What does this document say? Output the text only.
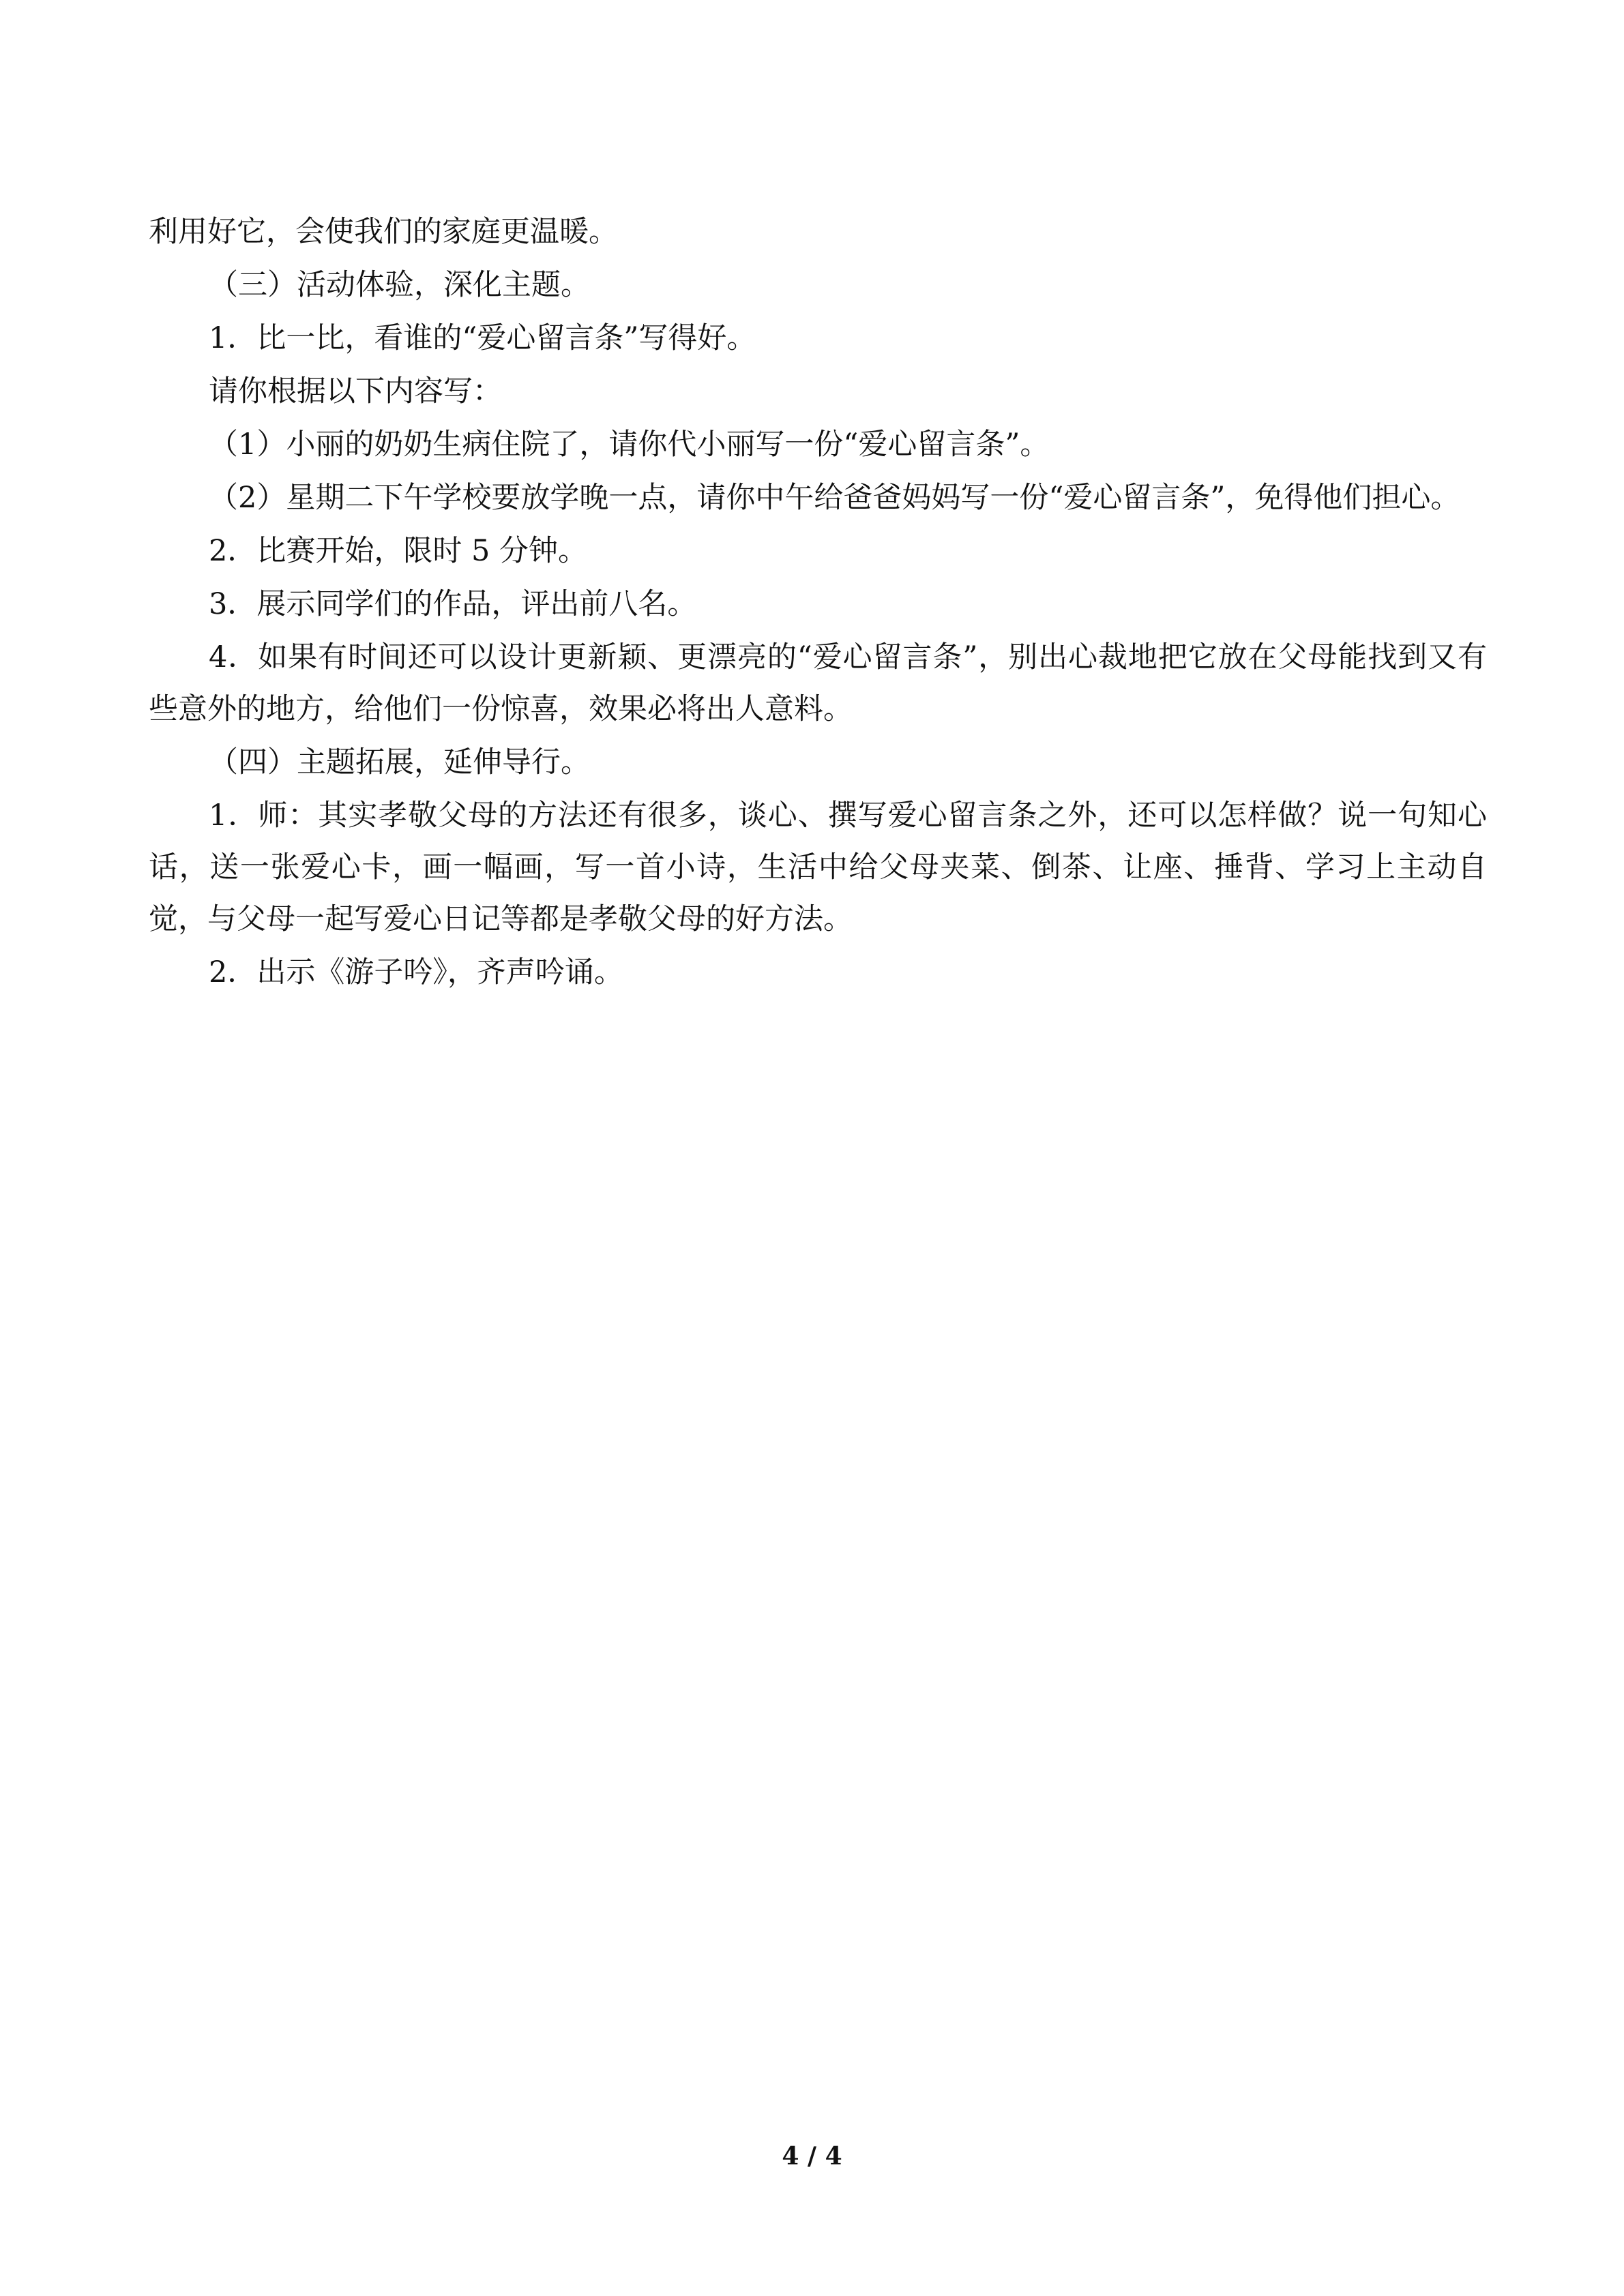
利用好它，会使我们的家庭更温暖。

（三）活动体验，深化主题。

1．比一比，看谁的“爱心留言条”写得好。

请你根据以下内容写：

（1）小丽的奶奶生病住院了，请你代小丽写一份“爱心留言条”。

（2）星期二下午学校要放学晚一点，请你中午给爸爸妈妈写一份“爱心留言条”，免得他们担心。

2．比赛开始，限时 5 分钟。

3．展示同学们的作品，评出前八名。

4．如果有时间还可以设计更新颖、更漂亮的“爱心留言条”，别出心裁地把它放在父母能找到又有些意外的地方，给他们一份惊喜，效果必将出人意料。

（四）主题拓展，延伸导行。

1．师：其实孝敬父母的方法还有很多，谈心、撰写爱心留言条之外，还可以怎样做？说一句知心话，送一张爱心卡，画一幅画，写一首小诗，生活中给父母夹菜、倒茶、让座、捶背、学习上主动自觉，与父母一起写爱心日记等都是孝敬父母的好方法。

2．出示《游子吟》，齐声吟诵。

4 / 4
